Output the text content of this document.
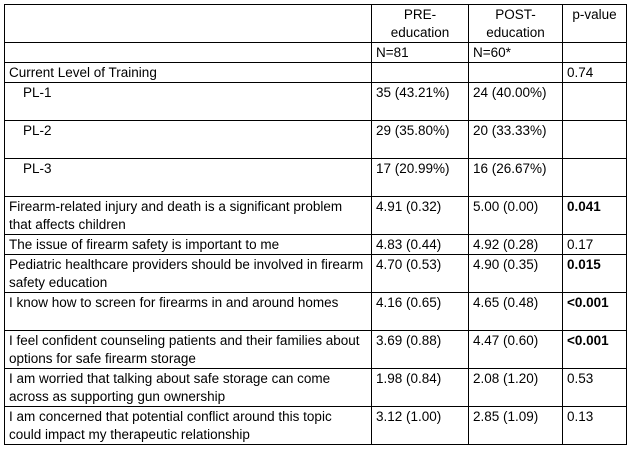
	PRE-education	POST-education	p-value
	N=81	N=60*	
Current Level of Training			0.74
PL-1	35 (43.21%)	24 (40.00%)	
PL-2	29 (35.80%)	20 (33.33%)	
PL-3	17 (20.99%)	16 (26.67%)	
Firearm-related injury and death is a significant problem that affects children	4.91 (0.32)	5.00 (0.00)	0.041
The issue of firearm safety is important to me	4.83 (0.44)	4.92 (0.28)	0.17
Pediatric healthcare providers should be involved in firearm safety education	4.70 (0.53)	4.90 (0.35)	0.015
I know how to screen for firearms in and around homes	4.16 (0.65)	4.65 (0.48)	<0.001
I feel confident counseling patients and their families about options for safe firearm storage	3.69 (0.88)	4.47 (0.60)	<0.001
I am worried that talking about safe storage can come across as supporting gun ownership	1.98 (0.84)	2.08 (1.20)	0.53
I am concerned that potential conflict around this topic could impact my therapeutic relationship	3.12 (1.00)	2.85 (1.09)	0.13
